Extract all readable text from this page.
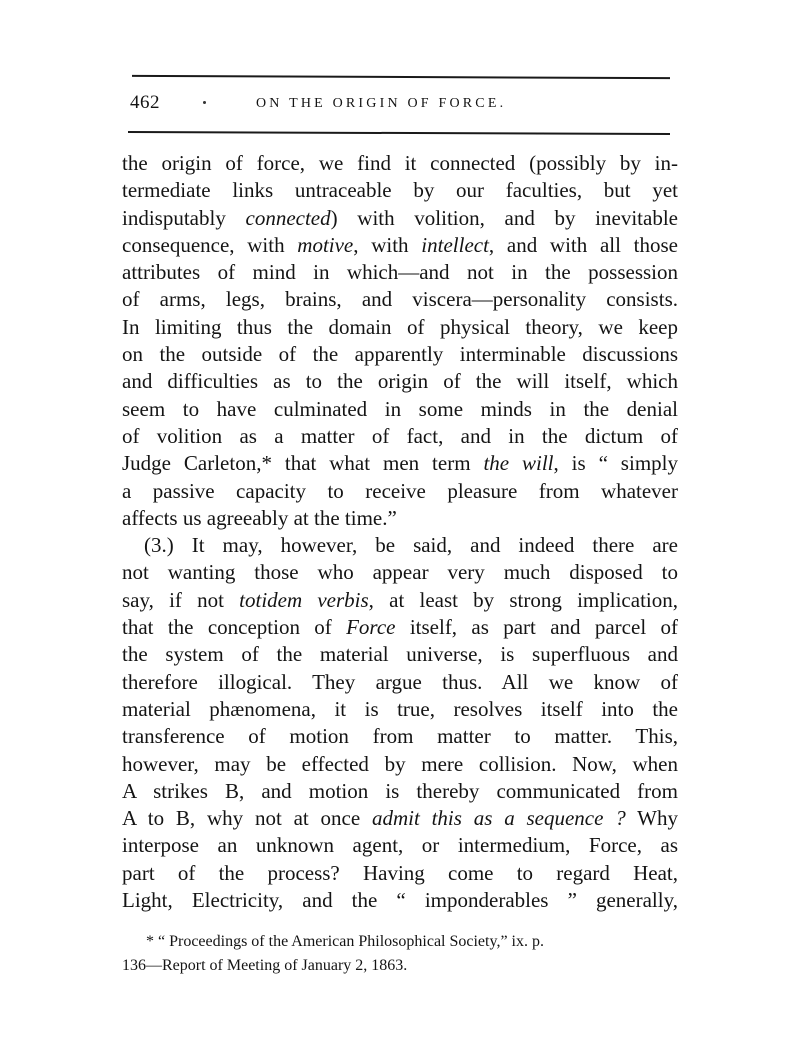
462	ON THE ORIGIN OF FORCE.
the origin of force, we find it connected (possibly by in-
termediate links untraceable by our faculties, but yet
indisputably connected) with volition, and by inevitable
consequence, with motive, with intellect, and with all those
attributes of mind in which—and not in the possession
of arms, legs, brains, and viscera—personality consists.
In limiting thus the domain of physical theory, we keep
on the outside of the apparently interminable discussions
and difficulties as to the origin of the will itself, which
seem to have culminated in some minds in the denial
of volition as a matter of fact, and in the dictum of
Judge Carleton,* that what men term the will, is “ simply
a passive capacity to receive pleasure from whatever
affects us agreeably at the time.”
(3.) It may, however, be said, and indeed there are
not wanting those who appear very much disposed to
say, if not totidem verbis, at least by strong implication,
that the conception of Force itself, as part and parcel of
the system of the material universe, is superfluous and
therefore illogical. They argue thus. All we know of
material phænomena, it is true, resolves itself into the
transference of motion from matter to matter. This,
however, may be effected by mere collision. Now, when
A strikes B, and motion is thereby communicated from
A to B, why not at once admit this as a sequence ? Why
interpose an unknown agent, or intermedium, Force, as
part of the process? Having come to regard Heat,
Light, Electricity, and the “ imponderables ” generally,
* “ Proceedings of the American Philosophical Society,” ix. p.
136—Report of Meeting of January 2, 1863.
